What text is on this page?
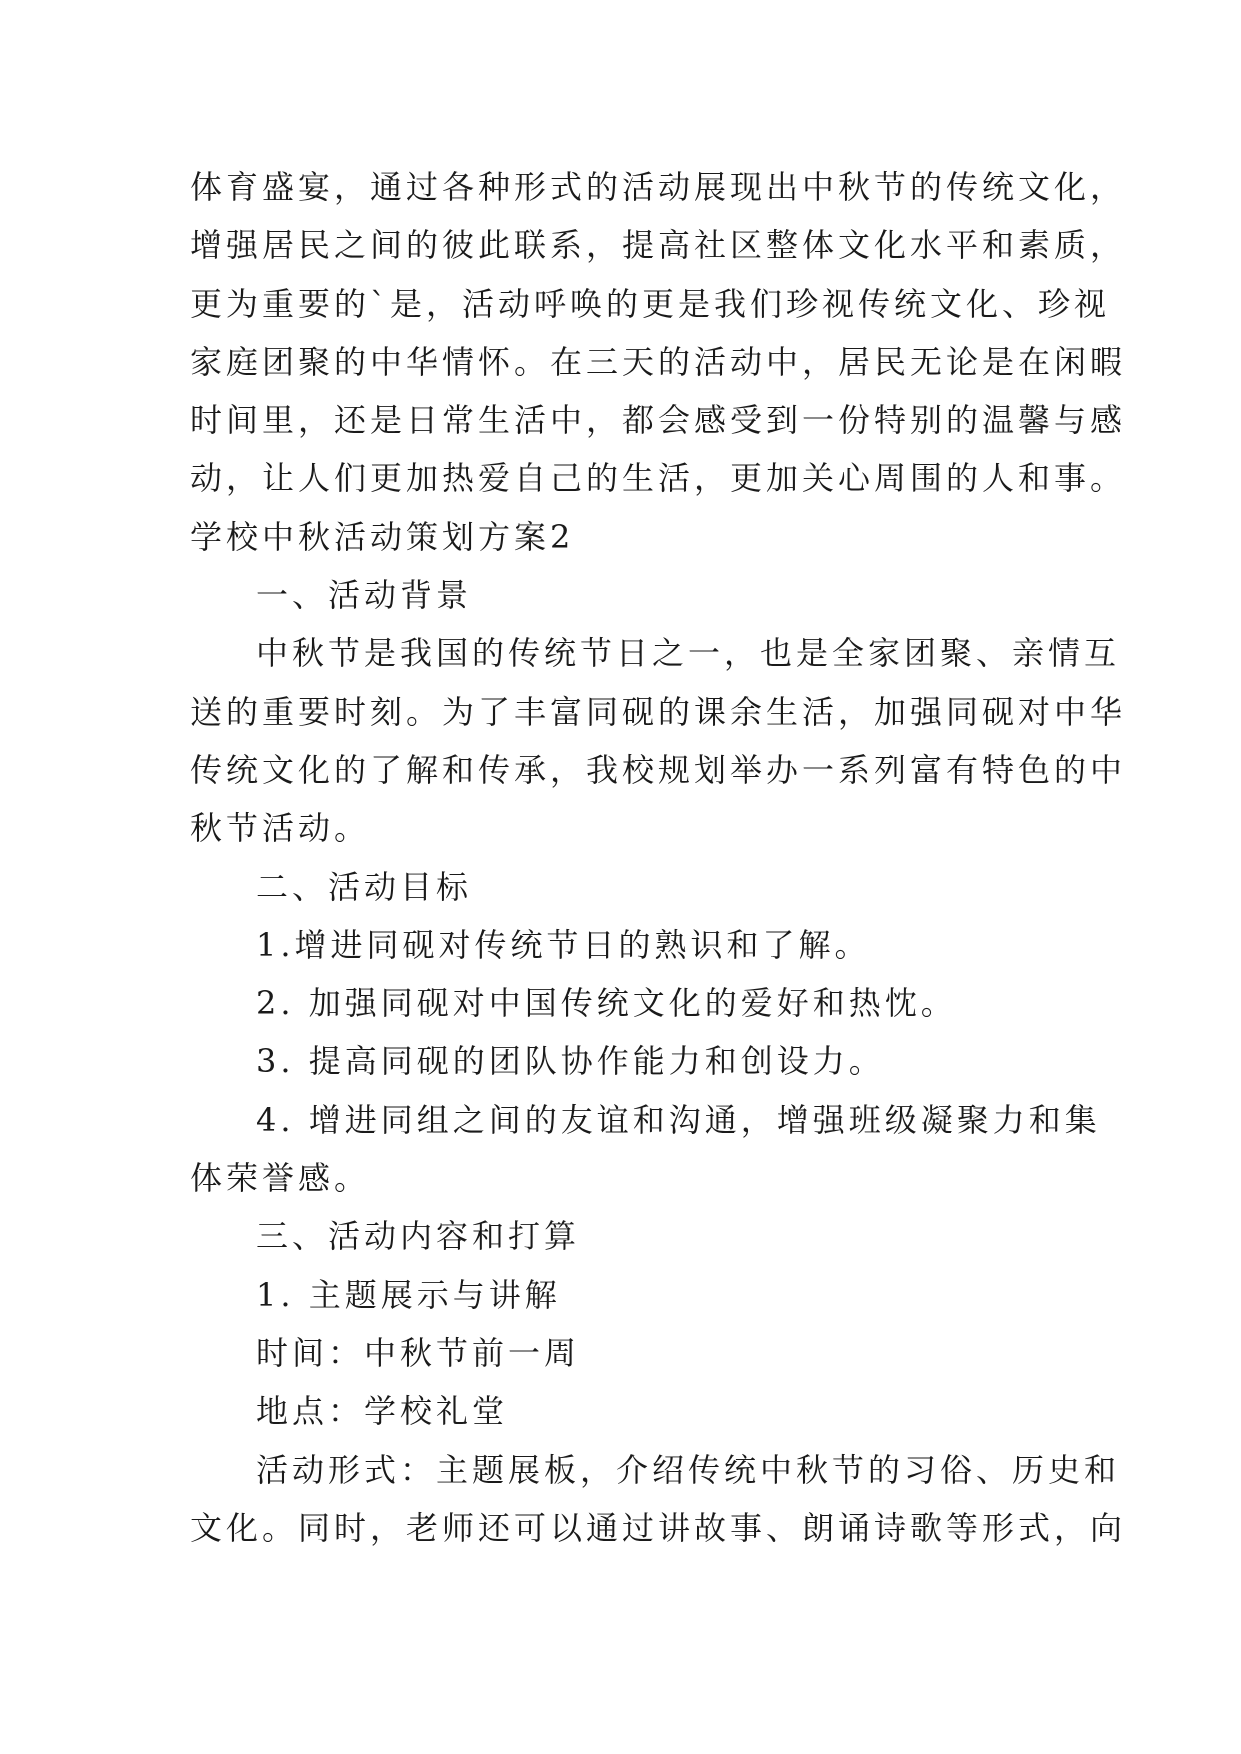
体育盛宴，通过各种形式的活动展现出中秋节的传统文化，

增强居民之间的彼此联系，提高社区整体文化水平和素质，

更为重要的`是，活动呼唤的更是我们珍视传统文化、珍视

家庭团聚的中华情怀。在三天的活动中，居民无论是在闲暇

时间里，还是日常生活中，都会感受到一份特别的温馨与感

动，让人们更加热爱自己的生活，更加关心周围的人和事。

学校中秋活动策划方案2

一、活动背景

中秋节是我国的传统节日之一，也是全家团聚、亲情互

送的重要时刻。为了丰富同砚的课余生活，加强同砚对中华

传统文化的了解和传承，我校规划举办一系列富有特色的中

秋节活动。

二、活动目标

1.增进同砚对传统节日的熟识和了解。

2. 加强同砚对中国传统文化的爱好和热忱。

3. 提高同砚的团队协作能力和创设力。

4. 增进同组之间的友谊和沟通，增强班级凝聚力和集

体荣誉感。

三、活动内容和打算

1. 主题展示与讲解

时间：中秋节前一周

地点：学校礼堂

活动形式：主题展板，介绍传统中秋节的习俗、历史和

文化。同时，老师还可以通过讲故事、朗诵诗歌等形式，向
